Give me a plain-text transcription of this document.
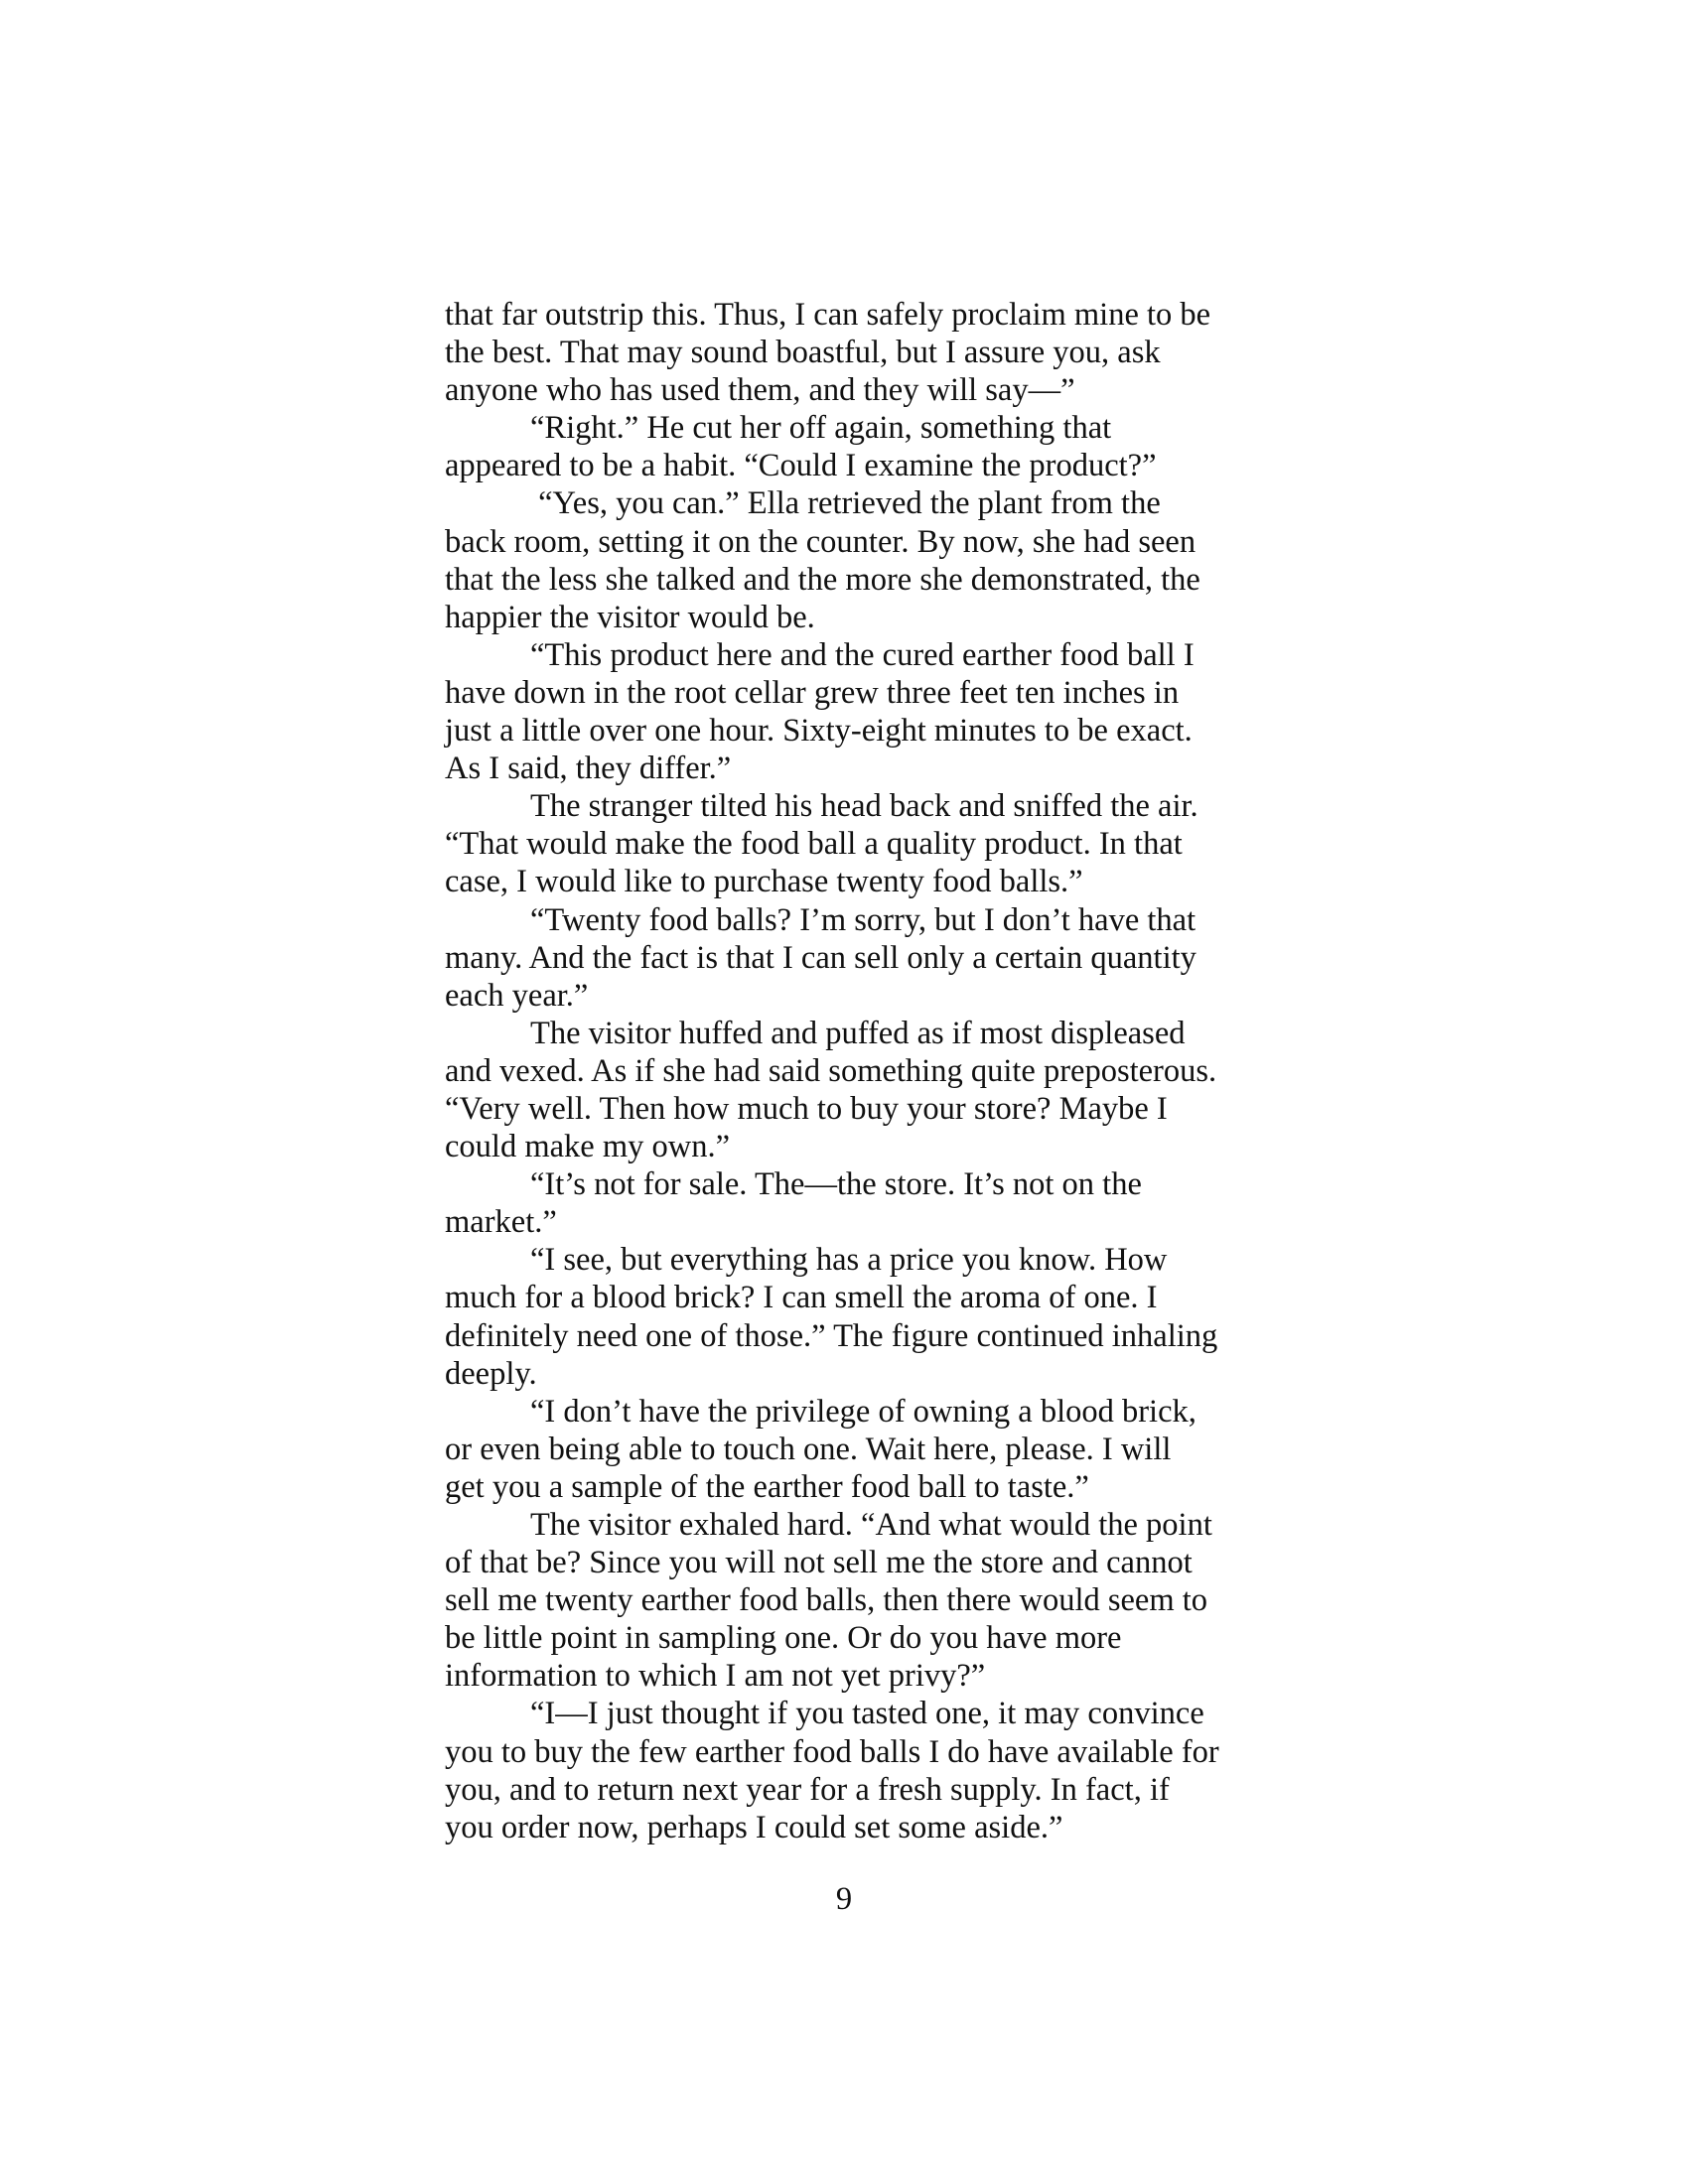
that far outstrip this. Thus, I can safely proclaim mine to be
the best. That may sound boastful, but I assure you, ask
anyone who has used them, and they will say—”
“Right.” He cut her off again, something that
appeared to be a habit. “Could I examine the product?”
“Yes, you can.” Ella retrieved the plant from the
back room, setting it on the counter. By now, she had seen
that the less she talked and the more she demonstrated, the
happier the visitor would be.
“This product here and the cured earther food ball I
have down in the root cellar grew three feet ten inches in
just a little over one hour. Sixty-eight minutes to be exact.
As I said, they differ.”
The stranger tilted his head back and sniffed the air.
“That would make the food ball a quality product. In that
case, I would like to purchase twenty food balls.”
“Twenty food balls? I’m sorry, but I don’t have that
many. And the fact is that I can sell only a certain quantity
each year.”
The visitor huffed and puffed as if most displeased
and vexed. As if she had said something quite preposterous.
“Very well. Then how much to buy your store? Maybe I
could make my own.”
“It’s not for sale. The—the store. It’s not on the
market.”
“I see, but everything has a price you know. How
much for a blood brick? I can smell the aroma of one. I
definitely need one of those.” The figure continued inhaling
deeply.
“I don’t have the privilege of owning a blood brick,
or even being able to touch one. Wait here, please. I will
get you a sample of the earther food ball to taste.”
The visitor exhaled hard. “And what would the point
of that be? Since you will not sell me the store and cannot
sell me twenty earther food balls, then there would seem to
be little point in sampling one. Or do you have more
information to which I am not yet privy?”
“I—I just thought if you tasted one, it may convince
you to buy the few earther food balls I do have available for
you, and to return next year for a fresh supply. In fact, if
you order now, perhaps I could set some aside.”
9
